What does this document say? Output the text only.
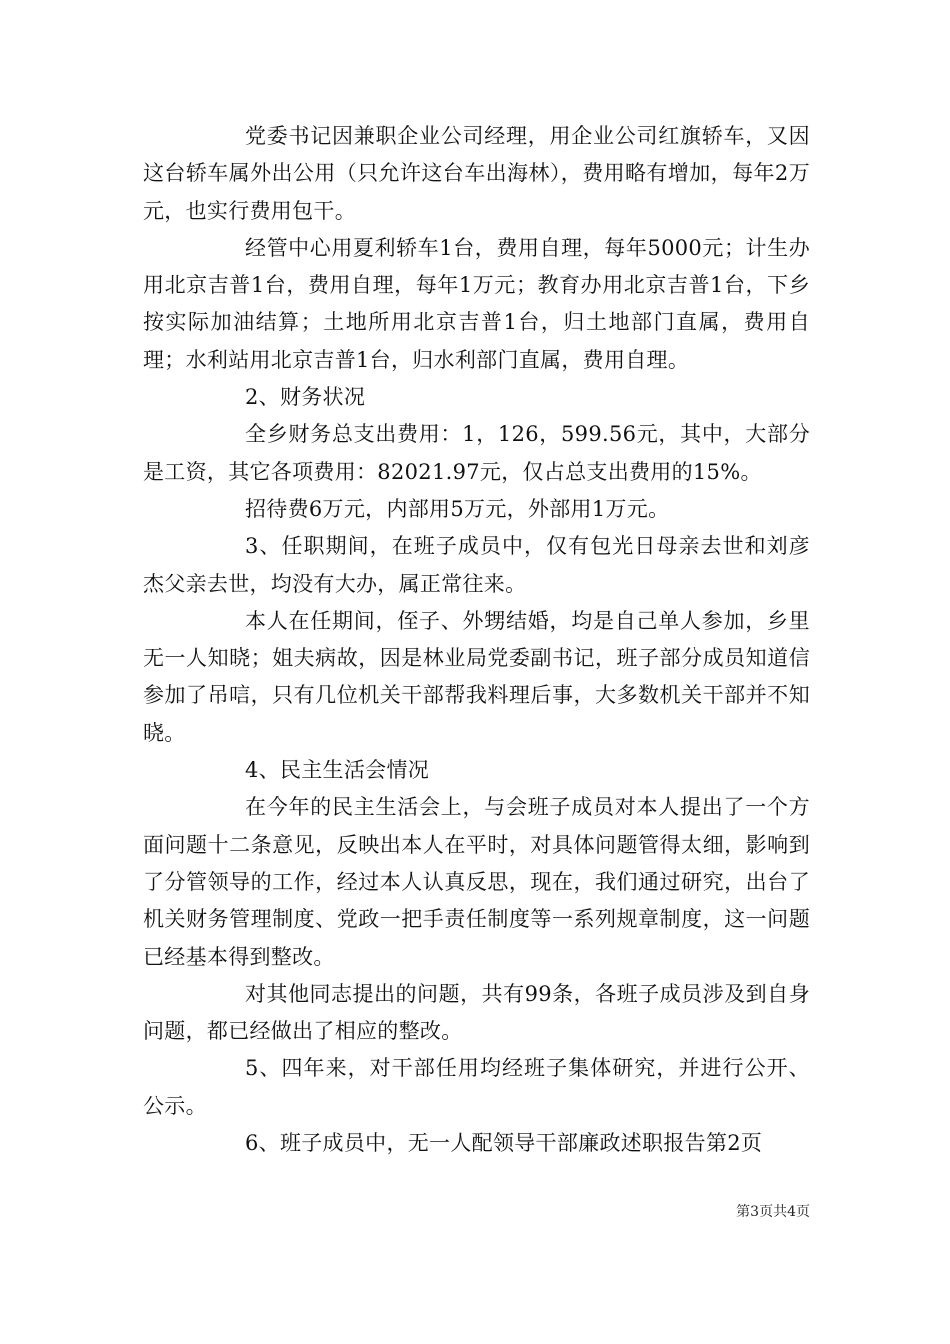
党委书记因兼职企业公司经理，用企业公司红旗轿车，又因这台轿车属外出公用（只允许这台车出海林），费用略有增加，每年2万元，也实行费用包干。

经管中心用夏利轿车1台，费用自理，每年5000元；计生办用北京吉普1台，费用自理，每年1万元；教育办用北京吉普1台，下乡按实际加油结算；土地所用北京吉普1台，归土地部门直属，费用自理；水利站用北京吉普1台，归水利部门直属，费用自理。

2、财务状况

全乡财务总支出费用：1，126，599.56元，其中，大部分是工资，其它各项费用：82021.97元，仅占总支出费用的15%。

招待费6万元，内部用5万元，外部用1万元。

3、任职期间，在班子成员中，仅有包光日母亲去世和刘彦杰父亲去世，均没有大办，属正常往来。

本人在任期间，侄子、外甥结婚，均是自己单人参加，乡里无一人知晓；姐夫病故，因是林业局党委副书记，班子部分成员知道信参加了吊唁，只有几位机关干部帮我料理后事，大多数机关干部并不知晓。

4、民主生活会情况

在今年的民主生活会上，与会班子成员对本人提出了一个方面问题十二条意见，反映出本人在平时，对具体问题管得太细，影响到了分管领导的工作，经过本人认真反思，现在，我们通过研究，出台了机关财务管理制度、党政一把手责任制度等一系列规章制度，这一问题已经基本得到整改。

对其他同志提出的问题，共有99条，各班子成员涉及到自身问题，都已经做出了相应的整改。

5、四年来，对干部任用均经班子集体研究，并进行公开、公示。

6、班子成员中，无一人配领导干部廉政述职报告第2页

第3页共4页
